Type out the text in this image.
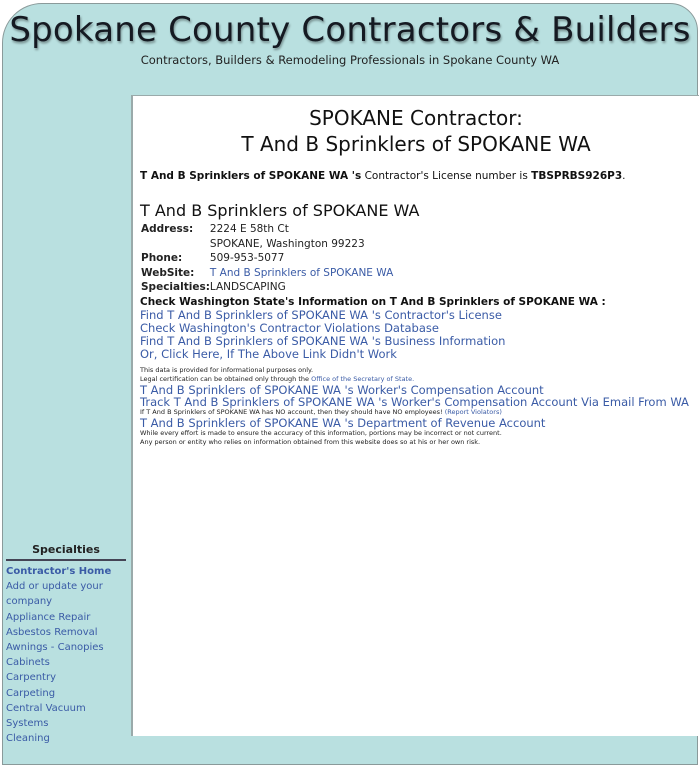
Spokane County Contractors & Builders
Contractors, Builders & Remodeling Professionals in Spokane County WA
SPOKANE Contractor:
T And B Sprinklers of SPOKANE WA
T And B Sprinklers of SPOKANE WA 's Contractor's License number is TBSPRBS926P3.
T And B Sprinklers of SPOKANE WA
Address:	2224 E 58th Ct
	SPOKANE, Washington 99223
Phone:	509-953-5077
WebSite:	T And B Sprinklers of SPOKANE WA
Specialties:	LANDSCAPING
Check Washington State's Information on T And B Sprinklers of SPOKANE WA :
Find T And B Sprinklers of SPOKANE WA 's Contractor's License
Check Washington's Contractor Violations Database
Find T And B Sprinklers of SPOKANE WA 's Business Information
Or, Click Here, If The Above Link Didn't Work
This data is provided for informational purposes only.
Legal certification can be obtained only through the Office of the Secretary of State.
T And B Sprinklers of SPOKANE WA 's Worker's Compensation Account
Track T And B Sprinklers of SPOKANE WA 's Worker's Compensation Account Via Email From WA
If T And B Sprinklers of SPOKANE WA has NO account, then they should have NO employees! (Report Violators)
T And B Sprinklers of SPOKANE WA 's Department of Revenue Account
While every effort is made to ensure the accuracy of this information, portions may be incorrect or not current.
Any person or entity who relies on information obtained from this website does so at his or her own risk.
Specialties
Contractor's Home
Add or update your company
Appliance Repair
Asbestos Removal
Awnings - Canopies
Cabinets
Carpentry
Carpeting
Central Vacuum Systems
Cleaning
